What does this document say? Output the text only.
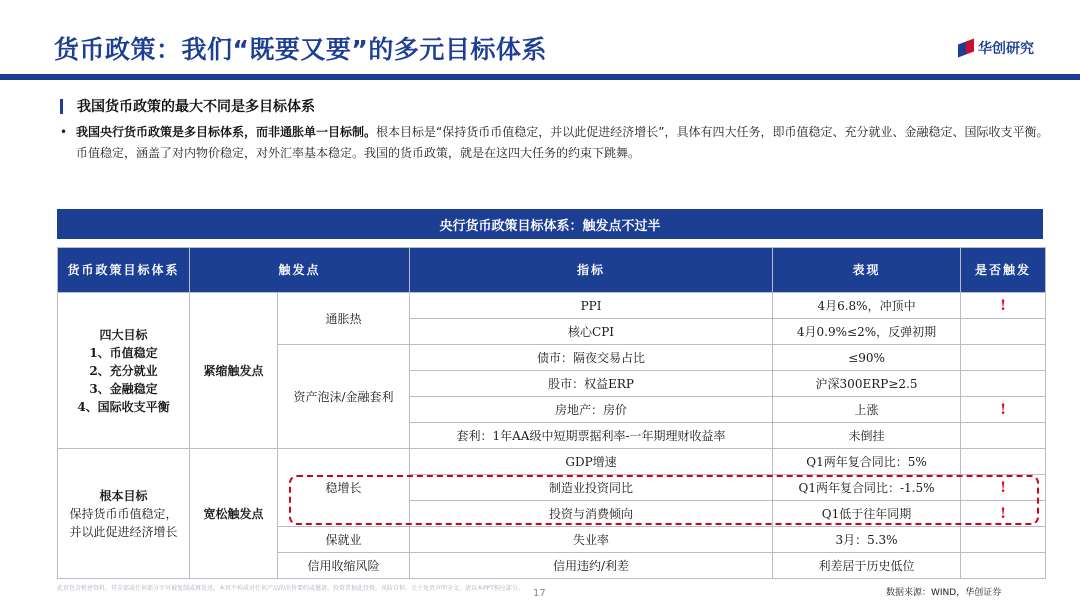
货币政策：我们“既要又要”的多元目标体系	华创研究
我国货币政策的最大不同是多目标体系
• 我国央行货币政策是多目标体系，而非通胀单一目标制。根本目标是“保持货币币值稳定，并以此促进经济增长”，具体有四大任务，即币值稳定、充分就业、金融稳定、国际收支平衡。币值稳定，涵盖了对内物价稳定，对外汇率基本稳定。我国的货币政策，就是在这四大任务的约束下跳舞。
央行货币政策目标体系：触发点不过半
货币政策目标体系	触发点		指标	表现	是否触发

四大目标
1、币值稳定
2、充分就业
3、金融稳定
4、国际收支平衡	紧缩触发点	通胀热	PPI	4月6.8%，冲顶中	!
			核心CPI	4月0.9%≤2%，反弹初期	
		资产泡沫/金融套利	债市：隔夜交易占比	≤90%	
			股市：权益ERP	沪深300ERP≥2.5	
			房地产：房价	上涨	!
			套利：1年AA级中短期票据利率-一年期理财收益率	未倒挂	

根本目标
保持货币币值稳定，并以此促进经济增长	宽松触发点	稳增长	GDP增速	Q1两年复合同比：5%	
			制造业投资同比	Q1两年复合同比：-1.5%	!
			投资与消费倾向	Q1低于往年同期	!
		保就业	失业率	3月：5.3%	
		信用收缩风险	信用违约/利差	利差居于历史低位	
此页包含机密资料，其全部或任何部分不可被复制或再发送。本页不构成对任何产品的出售要约或邀请，投资者据此投资，风险自担。关于免责声明全文，请以本PPT相应部分。 17	数据来源：WIND，华创证券
